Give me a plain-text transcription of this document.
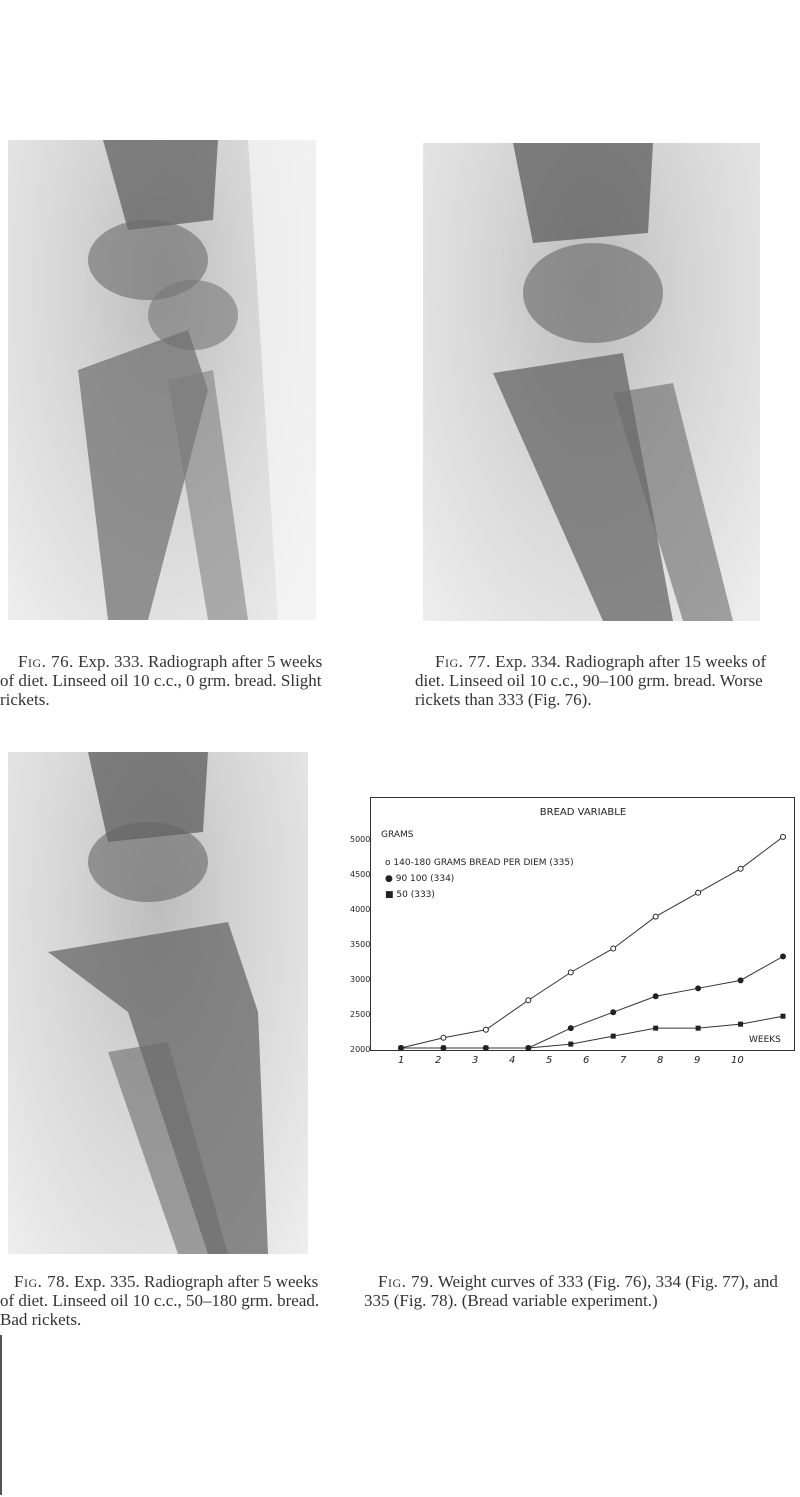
Fig. 76. Exp. 333. Radiograph after 5 weeks of diet. Linseed oil 10 c.c., 0 grm. bread. Slight rickets.

Fig. 77. Exp. 334. Radiograph after 15 weeks of diet. Linseed oil 10 c.c., 90–100 grm. bread. Worse rickets than 333 (Fig. 76).

Fig. 78. Exp. 335. Radiograph after 5 weeks of diet. Linseed oil 10 c.c., 50–180 grm. bread. Bad rickets.

BREAD VARIABLE
GRAMS
WEEKS
o 140-180 GRAMS BREAD PER DIEM (335)
● 90 100 (334)
■ 50 (333)
5000
4500
4000
3500
3000
2500
2000
1	2	3	4	5	6	7	8	9	10

Fig. 79. Weight curves of 333 (Fig. 76), 334 (Fig. 77), and 335 (Fig. 78). (Bread variable experiment.)
